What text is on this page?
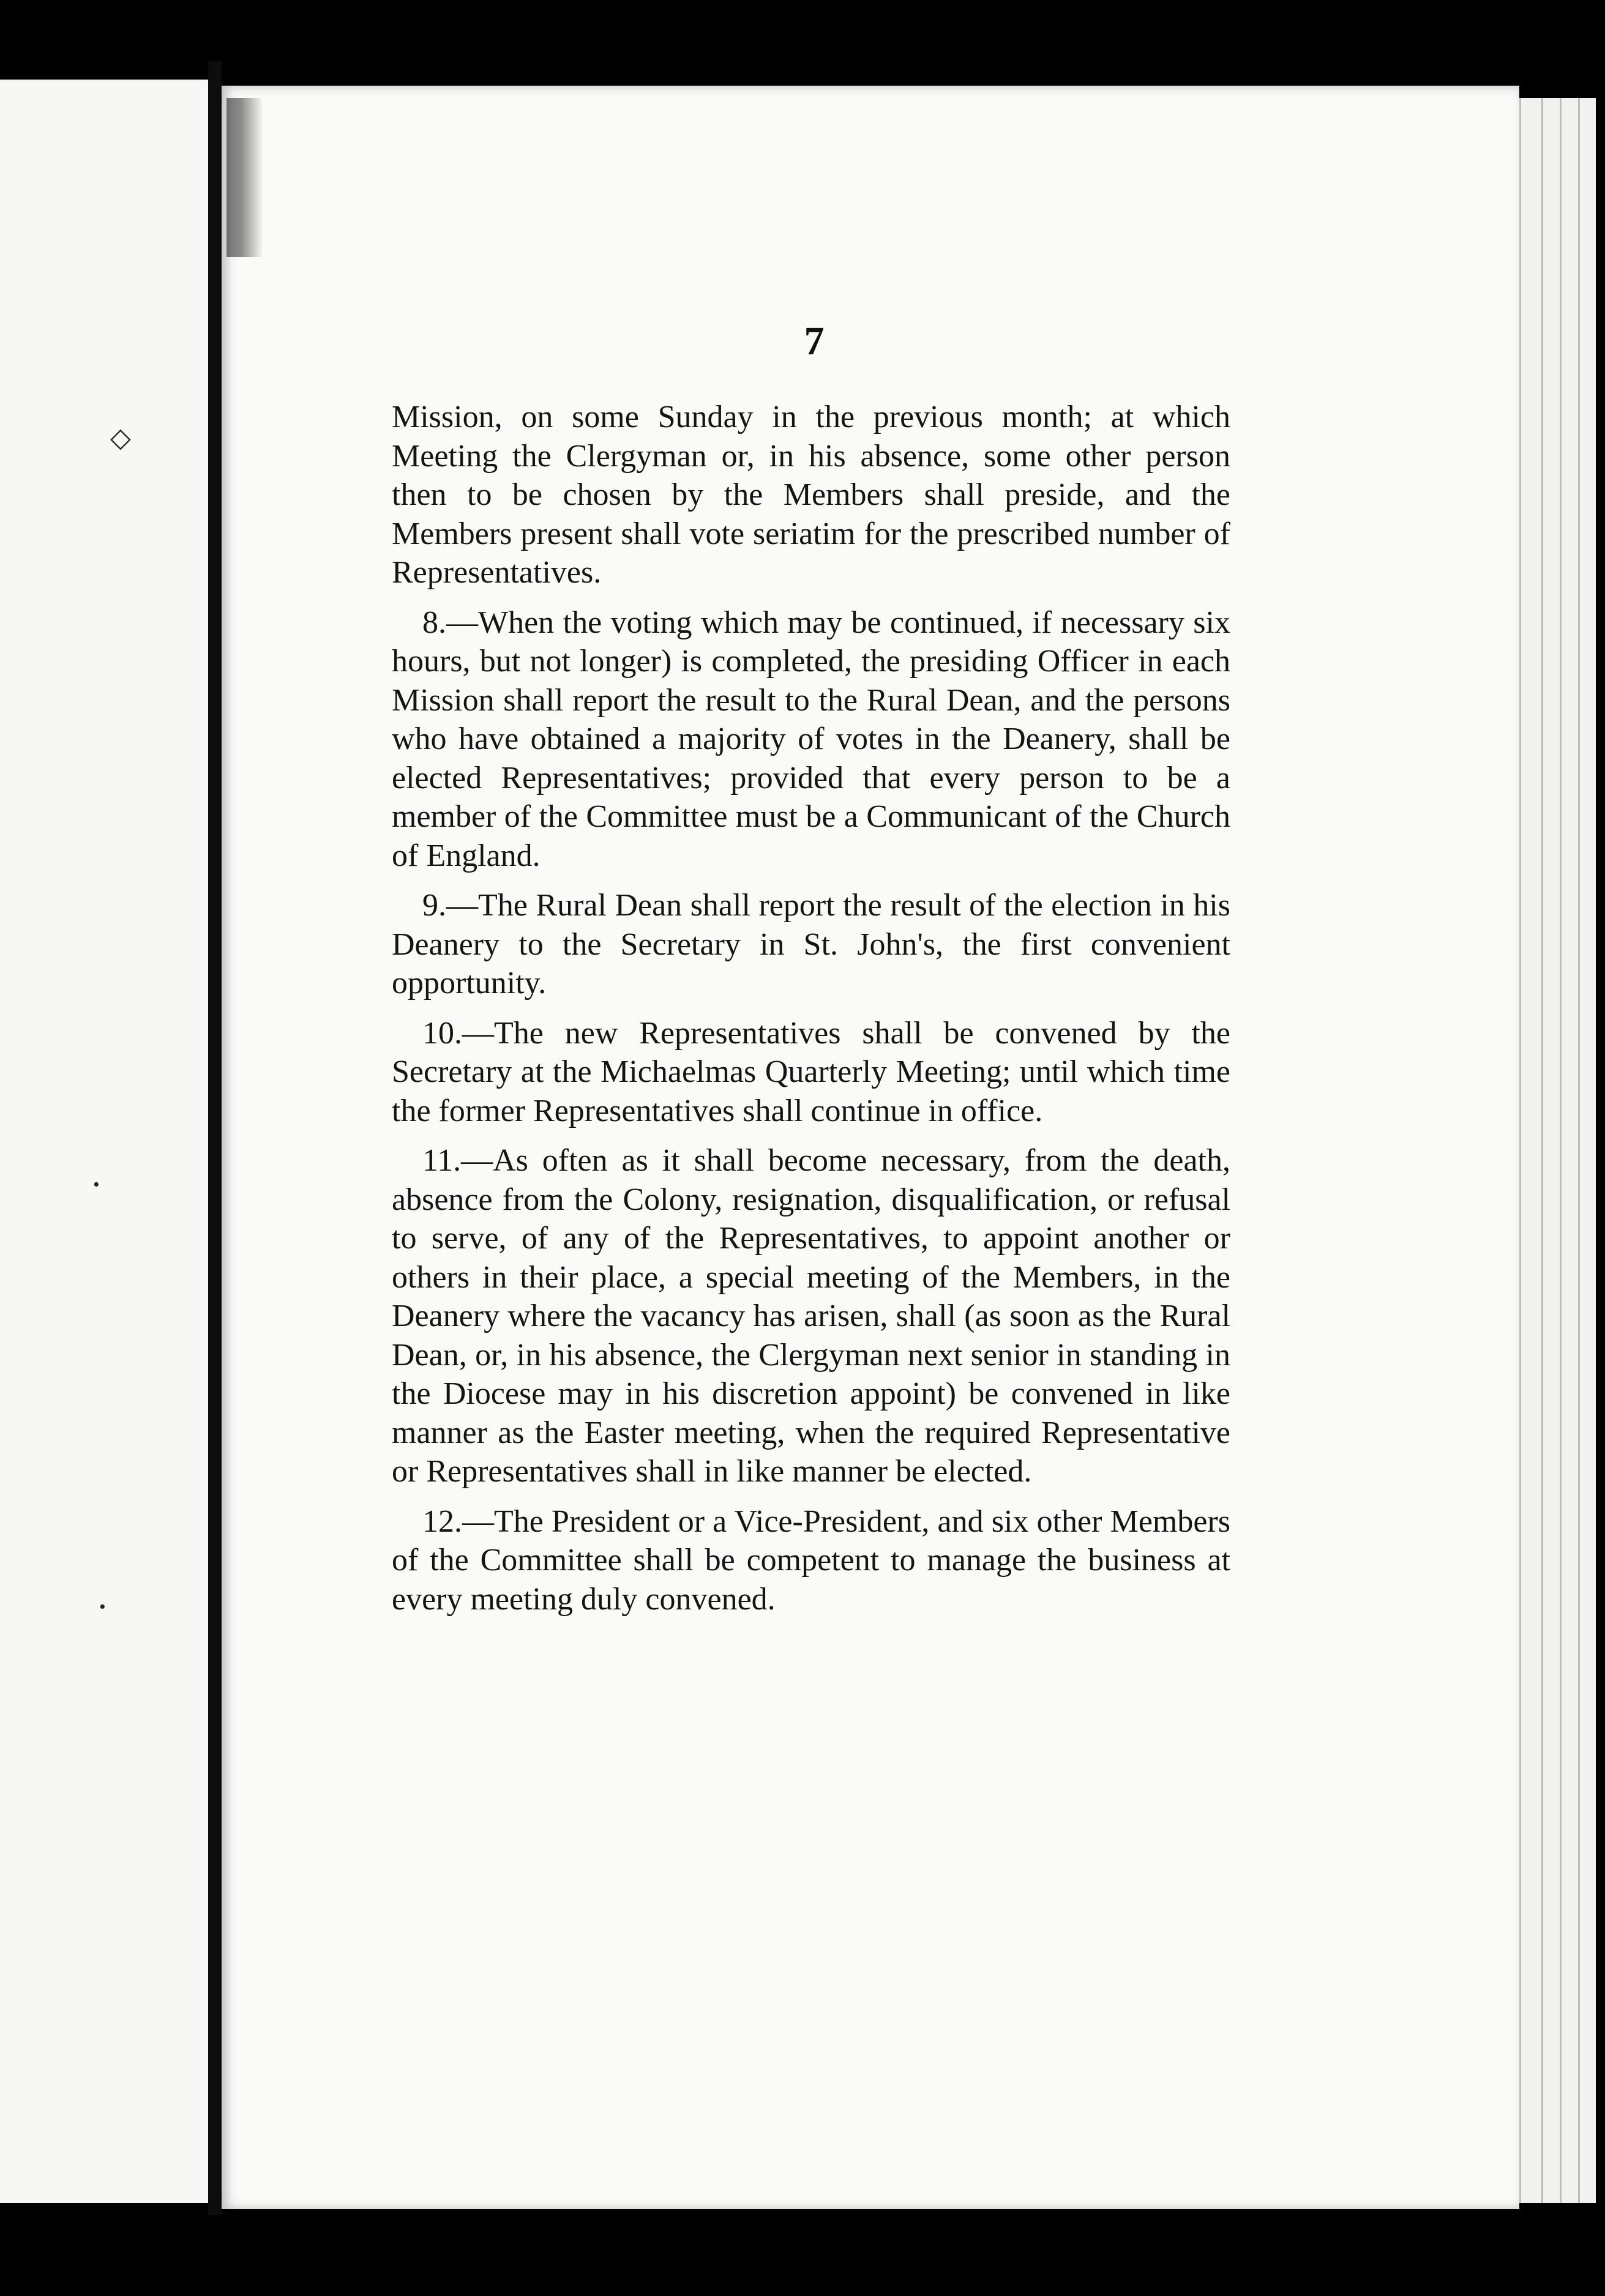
◇
·
·
7

Mission, on some Sunday in the previous month; at which Meeting the Clergyman or, in his absence, some other person then to be chosen by the Members shall preside, and the Members present shall vote seriatim for the prescribed number of Representatives.

8.—When the voting which may be continued, if necessary six hours, but not longer) is completed, the presiding Officer in each Mission shall report the result to the Rural Dean, and the persons who have obtained a majority of votes in the Deanery, shall be elected Representatives; provided that every person to be a member of the Committee must be a Communicant of the Church of England.

9.—The Rural Dean shall report the result of the election in his Deanery to the Secretary in St. John's, the first convenient opportunity.

10.—The new Representatives shall be convened by the Secretary at the Michaelmas Quarterly Meeting; until which time the former Representatives shall continue in office.

11.—As often as it shall become necessary, from the death, absence from the Colony, resignation, disqualification, or refusal to serve, of any of the Representatives, to appoint another or others in their place, a special meeting of the Members, in the Deanery where the vacancy has arisen, shall (as soon as the Rural Dean, or, in his absence, the Clergyman next senior in standing in the Diocese may in his discretion appoint) be convened in like manner as the Easter meeting, when the required Representative or Representatives shall in like manner be elected.

12.—The President or a Vice-President, and six other Members of the Committee shall be competent to manage the business at every meeting duly convened.
